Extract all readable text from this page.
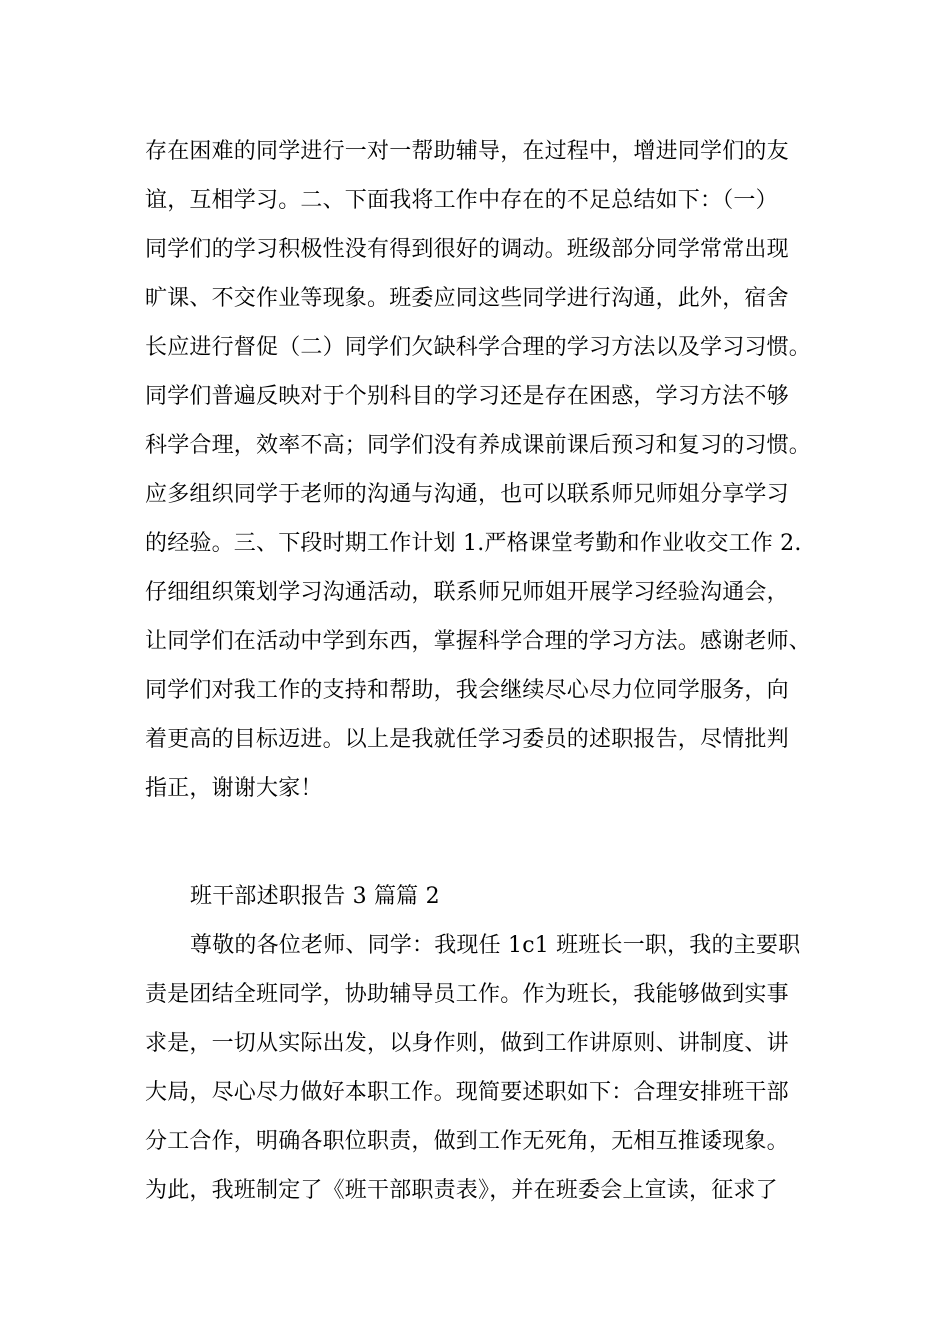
存在困难的同学进行一对一帮助辅导，在过程中，增进同学们的友
谊，互相学习。二、下面我将工作中存在的不足总结如下：（一）
同学们的学习积极性没有得到很好的调动。班级部分同学常常出现
旷课、不交作业等现象。班委应同这些同学进行沟通，此外，宿舍
长应进行督促（二）同学们欠缺科学合理的学习方法以及学习习惯。
同学们普遍反映对于个别科目的学习还是存在困惑，学习方法不够
科学合理，效率不高；同学们没有养成课前课后预习和复习的习惯。
应多组织同学于老师的沟通与沟通，也可以联系师兄师姐分享学习
的经验。三、下段时期工作计划 1.严格课堂考勤和作业收交工作 2.
仔细组织策划学习沟通活动，联系师兄师姐开展学习经验沟通会，
让同学们在活动中学到东西，掌握科学合理的学习方法。感谢老师、
同学们对我工作的支持和帮助，我会继续尽心尽力位同学服务，向
着更高的目标迈进。以上是我就任学习委员的述职报告，尽情批判
指正，谢谢大家！
班干部述职报告 3 篇篇 2
尊敬的各位老师、同学：我现任 1c1 班班长一职，我的主要职
责是团结全班同学，协助辅导员工作。作为班长，我能够做到实事
求是，一切从实际出发，以身作则，做到工作讲原则、讲制度、讲
大局，尽心尽力做好本职工作。现简要述职如下：合理安排班干部
分工合作，明确各职位职责，做到工作无死角，无相互推诿现象。
为此，我班制定了《班干部职责表》，并在班委会上宣读，征求了
